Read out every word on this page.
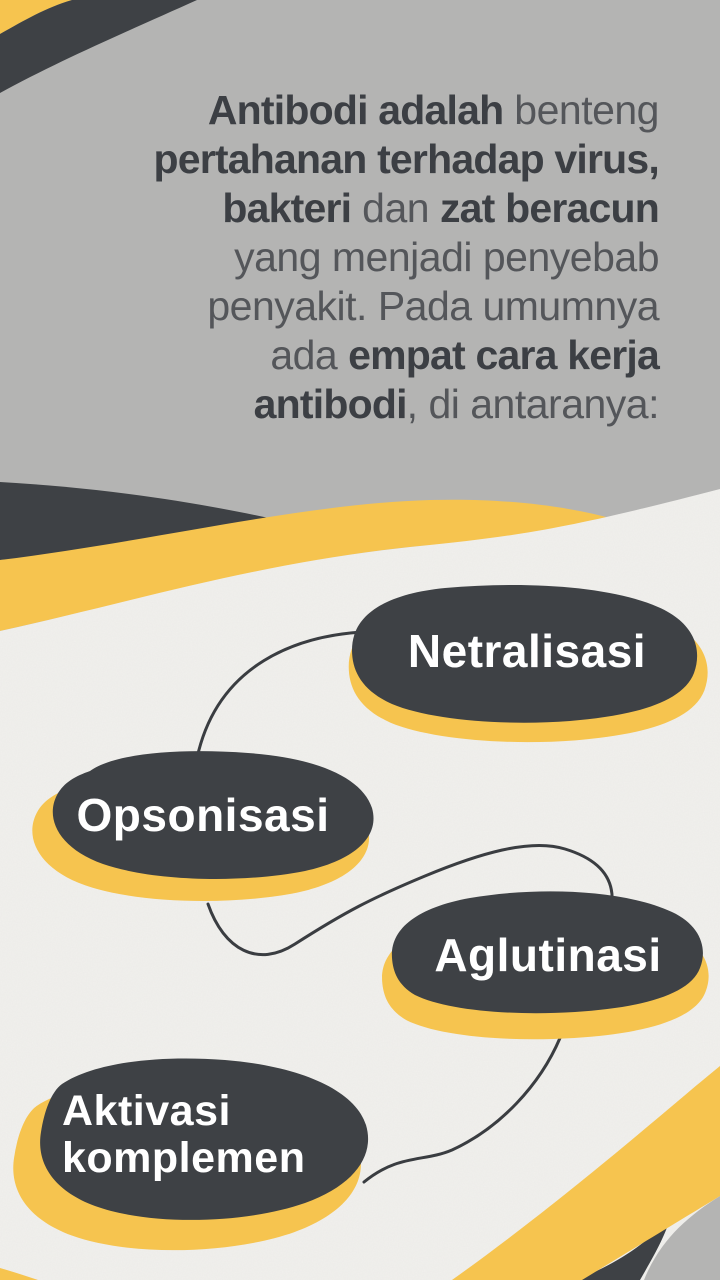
Antibodi adalah benteng
pertahanan terhadap virus,
bakteri dan zat beracun
yang menjadi penyebab
penyakit. Pada umumnya
ada empat cara kerja
antibodi, di antaranya:
Netralisasi
Opsonisasi
Aglutinasi
Aktivasi
komplemen
